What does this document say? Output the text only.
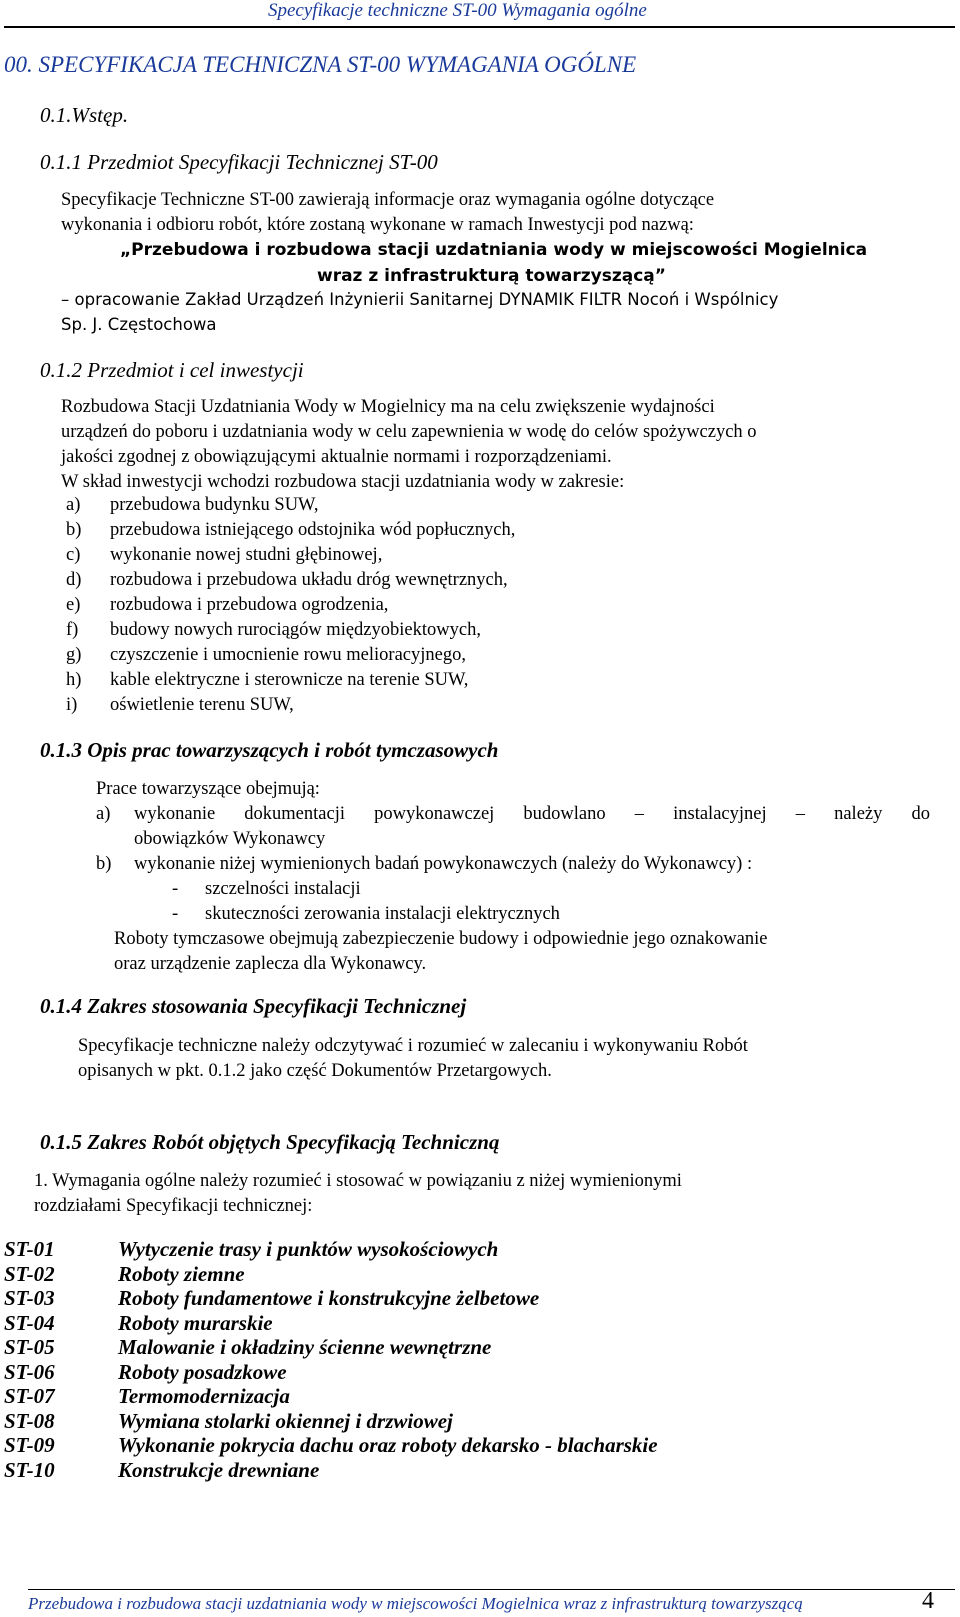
Specyfikacje techniczne ST-00 Wymagania ogólne
00. SPECYFIKACJA TECHNICZNA ST-00 WYMAGANIA OGÓLNE
0.1.Wstęp.
0.1.1 Przedmiot Specyfikacji Technicznej ST-00
Specyfikacje Techniczne ST-00 zawierają informacje oraz wymagania ogólne dotyczące
wykonania i odbioru robót, które zostaną wykonane w ramach Inwestycji pod nazwą:
„Przebudowa i rozbudowa stacji uzdatniania wody w miejscowości Mogielnica
wraz z infrastrukturą towarzyszącą”
– opracowanie Zakład Urządzeń Inżynierii Sanitarnej DYNAMIK FILTR Nocoń i Wspólnicy
Sp. J. Częstochowa
0.1.2 Przedmiot i cel inwestycji
Rozbudowa Stacji Uzdatniania Wody w Mogielnicy ma na celu zwiększenie wydajności
urządzeń do poboru i uzdatniania wody w celu zapewnienia w wodę do celów spożywczych o
jakości zgodnej z obowiązującymi aktualnie normami i rozporządzeniami.
W skład inwestycji wchodzi rozbudowa stacji uzdatniania wody w zakresie:
a) przebudowa budynku SUW,
b) przebudowa istniejącego odstojnika wód popłucznych,
c) wykonanie nowej studni głębinowej,
d) rozbudowa i przebudowa układu dróg wewnętrznych,
e) rozbudowa i przebudowa ogrodzenia,
f) budowy nowych rurociągów międzyobiektowych,
g) czyszczenie i umocnienie rowu melioracyjnego,
h) kable elektryczne i sterownicze na terenie SUW,
i) oświetlenie terenu SUW,
0.1.3 Opis prac towarzyszących i robót tymczasowych
Prace towarzyszące obejmują:
a) wykonanie dokumentacji powykonawczej budowlano – instalacyjnej – należy do
obowiązków Wykonawcy
b) wykonanie niżej wymienionych badań powykonawczych (należy do Wykonawcy) :
- szczelności instalacji
- skuteczności zerowania instalacji elektrycznych
Roboty tymczasowe obejmują zabezpieczenie budowy i odpowiednie jego oznakowanie
oraz urządzenie zaplecza dla Wykonawcy.
0.1.4 Zakres stosowania Specyfikacji Technicznej
Specyfikacje techniczne należy odczytywać i rozumieć w zalecaniu i wykonywaniu Robót
opisanych w pkt. 0.1.2 jako część Dokumentów Przetargowych.
0.1.5 Zakres Robót objętych Specyfikacją Techniczną
1. Wymagania ogólne należy rozumieć i stosować w powiązaniu z niżej wymienionymi
rozdziałami Specyfikacji technicznej:
ST-01	Wytyczenie trasy i punktów wysokościowych
ST-02	Roboty ziemne
ST-03	Roboty fundamentowe i konstrukcyjne żelbetowe
ST-04	Roboty murarskie
ST-05	Malowanie i okładziny ścienne wewnętrzne
ST-06	Roboty posadzkowe
ST-07	Termomodernizacja
ST-08	Wymiana stolarki okiennej i drzwiowej
ST-09	Wykonanie pokrycia dachu oraz roboty dekarsko - blacharskie
ST-10	Konstrukcje drewniane
Przebudowa i rozbudowa stacji uzdatniania wody w miejscowości Mogielnica wraz z infrastrukturą towarzyszącą	4
